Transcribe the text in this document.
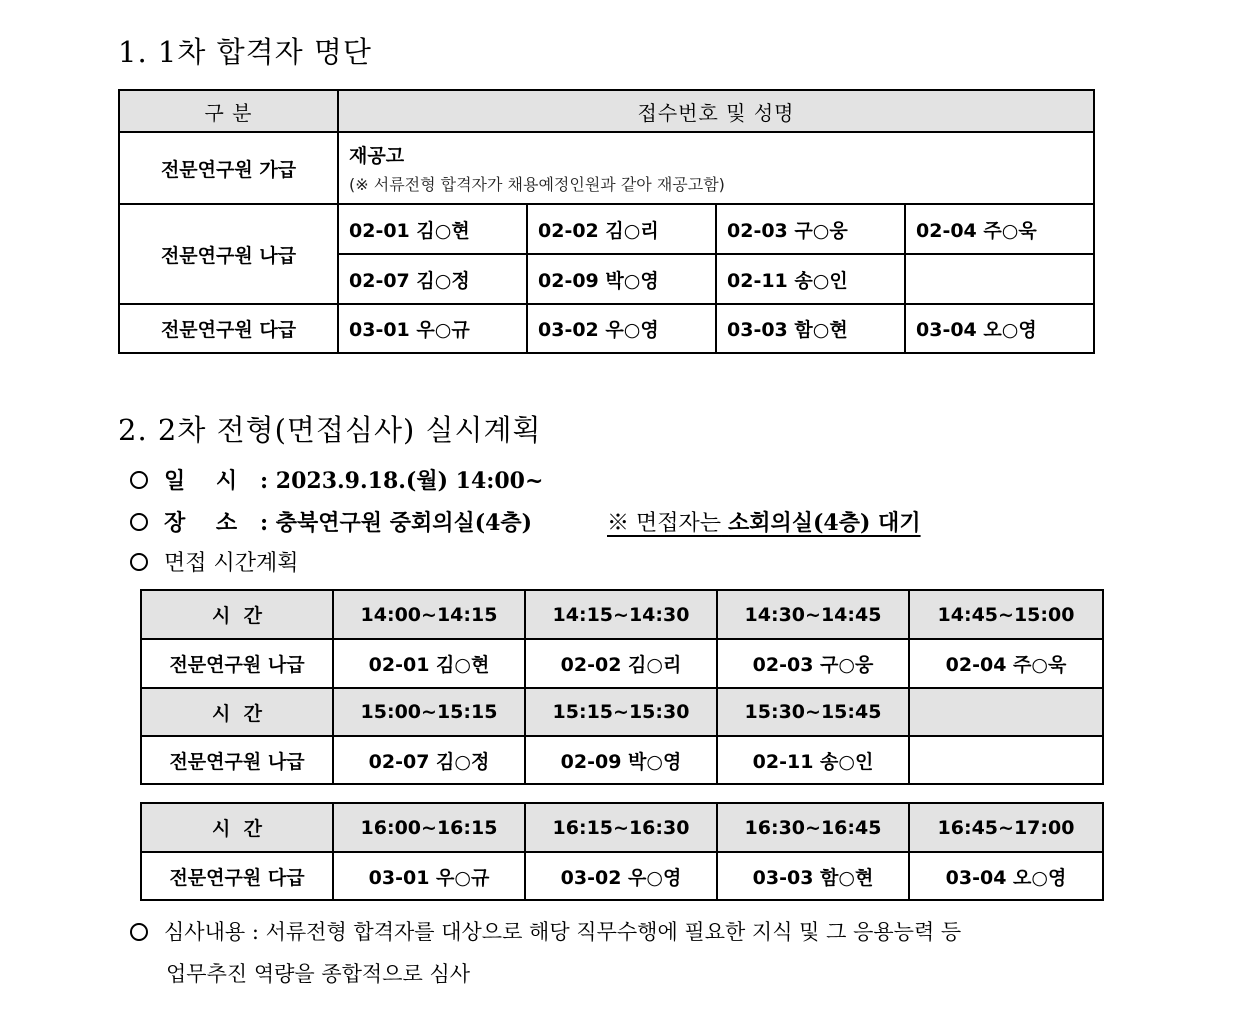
1. 1차 합격자 명단
구 분	접수번호 및 성명			
전문연구원 가급	재공고
(※ 서류전형 합격자가 채용예정인원과 같아 재공고함)			

전문연구원 나급	02-01 김○현	02-02 김○리	02-03 구○웅	02-04 주○욱
	02-07 김○정	02-09 박○영	02-11 송○인	
전문연구원 다급	03-01 우○규	03-02 우○영	03-03 함○현	03-04 오○영
2. 2차 전형(면접심사) 실시계획
일    시 : 2023.9.18.(월) 14:00~
장    소 : 충북연구원 중회의실(4층)	※ 면접자는 소회의실(4층) 대기
면접 시간계획
시  간	14:00~14:15	14:15~14:30	14:30~14:45	14:45~15:00
전문연구원 나급	02-01 김○현	02-02 김○리	02-03 구○웅	02-04 주○욱
시  간	15:00~15:15	15:15~15:30	15:30~15:45	
전문연구원 나급	02-07 김○정	02-09 박○영	02-11 송○인	
시  간	16:00~16:15	16:15~16:30	16:30~16:45	16:45~17:00
전문연구원 다급	03-01 우○규	03-02 우○영	03-03 함○현	03-04 오○영
심사내용 : 서류전형 합격자를 대상으로 해당 직무수행에 필요한 지식 및 그 응용능력 등
업무추진 역량을 종합적으로 심사
